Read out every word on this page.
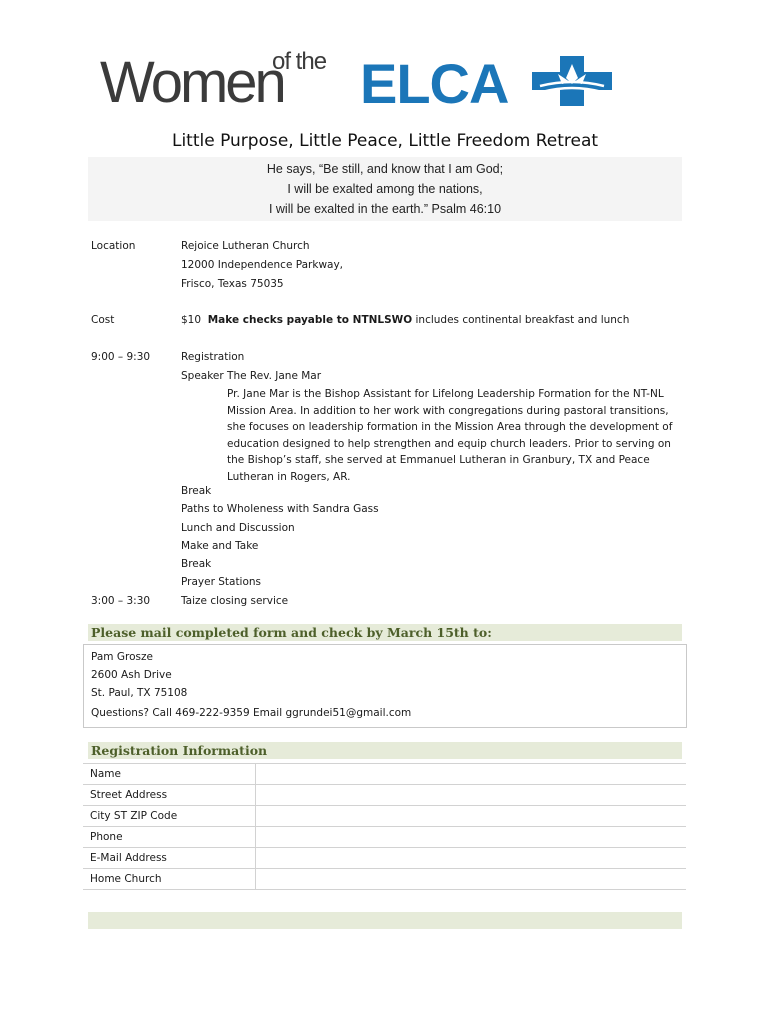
Women
of the ELCA
Little Purpose, Little Peace, Little Freedom Retreat
He says, “Be still, and know that I am God;
I will be exalted among the nations,
I will be exalted in the earth.” Psalm 46:10
Location	Rejoice Lutheran Church
12000 Independence Parkway,
Frisco, Texas 75035
Cost	$10 Make checks payable to NTNLSWO includes continental breakfast and lunch
9:00 – 9:30	Registration
Speaker The Rev. Jane Mar
Pr. Jane Mar is the Bishop Assistant for Lifelong Leadership Formation for the NT-NL Mission Area. In addition to her work with congregations during pastoral transitions, she focuses on leadership formation in the Mission Area through the development of education designed to help strengthen and equip church leaders. Prior to serving on the Bishop’s staff, she served at Emmanuel Lutheran in Granbury, TX and Peace Lutheran in Rogers, AR.
Break
Paths to Wholeness with Sandra Gass
Lunch and Discussion
Make and Take
Break
Prayer Stations
3:00 – 3:30	Taize closing service
Please mail completed form and check by March 15th to:
Pam Grosze
2600 Ash Drive
St. Paul, TX 75108
Questions? Call 469-222-9359 Email ggrundei51@gmail.com
Registration Information
Name	
Street Address	
City ST ZIP Code	
Phone	
E-Mail Address	
Home Church	
